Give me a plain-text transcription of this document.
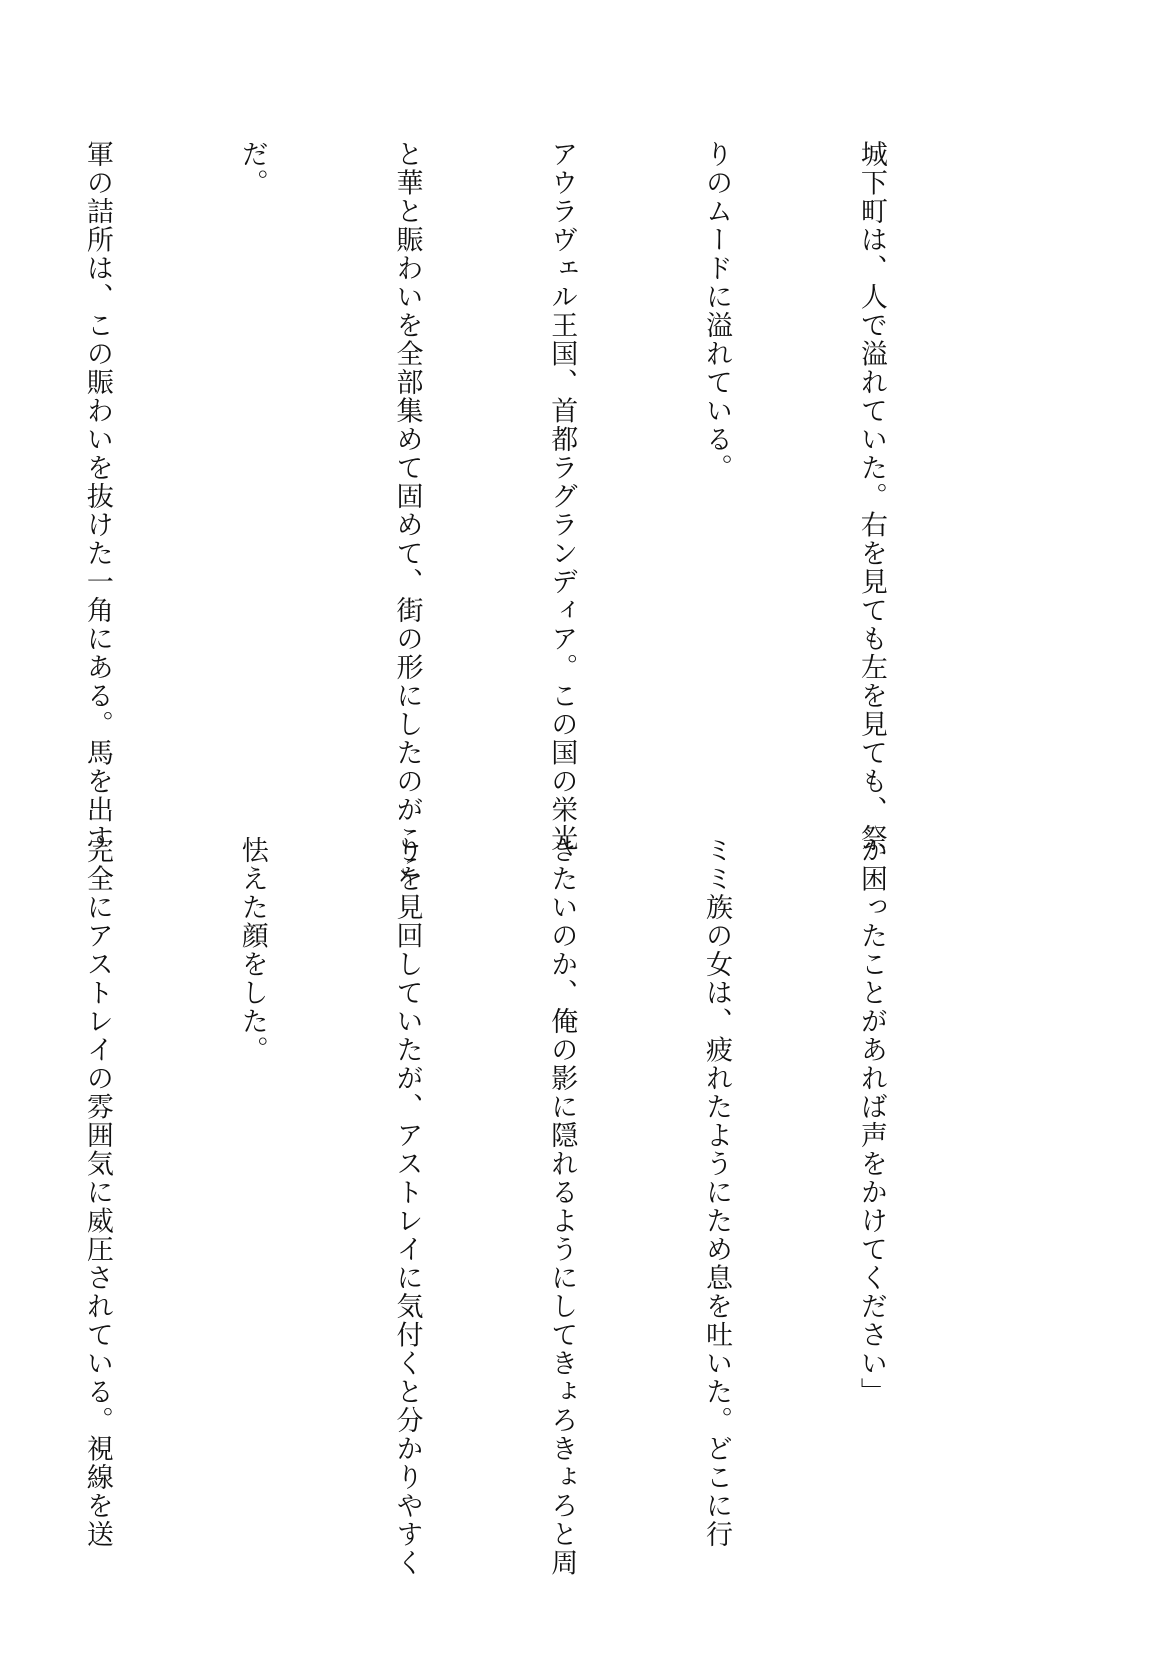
城下町は、人で溢れていた。右を見ても左を見ても、祭

りのムードに溢れている。

アウラヴェル王国、首都ラグランディア。この国の栄光

と華と賑わいを全部集めて固めて、街の形にしたのがここ

だ。

軍の詰所は、この賑わいを抜けた一角にある。馬を出す

か困ったことがあれば声をかけてください」

ミミ族の女は、疲れたようにため息を吐いた。どこに行

きたいのか、俺の影に隠れるようにしてきょろきょろと周

りを見回していたが、アストレイに気付くと分かりやすく

怯えた顔をした。

完全にアストレイの雰囲気に威圧されている。視線を送
